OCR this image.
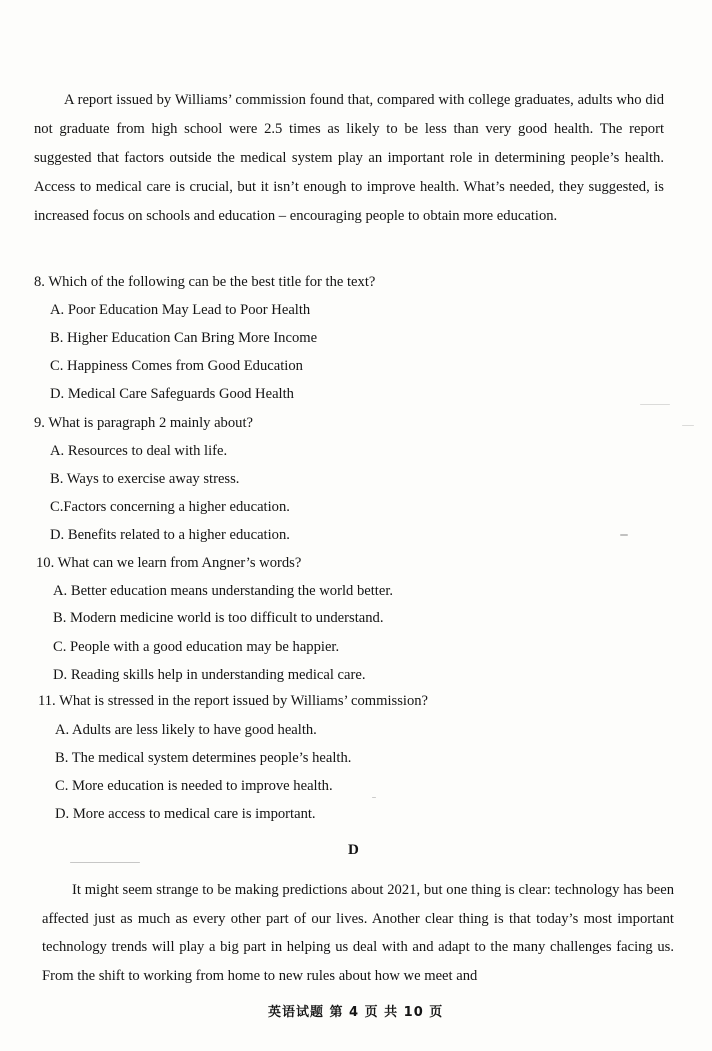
A report issued by Williams’ commission found that, compared with college graduates, adults who did not graduate from high school were 2.5 times as likely to be less than very good health. The report suggested that factors outside the medical system play an important role in determining people’s health. Access to medical care is crucial, but it isn’t enough to improve health. What’s needed, they suggested, is increased focus on schools and education – encouraging people to obtain more education.

8. Which of the following can be the best title for the text?
A. Poor Education May Lead to Poor Health
B. Higher Education Can Bring More Income
C. Happiness Comes from Good Education
D. Medical Care Safeguards Good Health
9. What is paragraph 2 mainly about?
A. Resources to deal with life.
B. Ways to exercise away stress.
C.Factors concerning a higher education.
D. Benefits related to a higher education.
10. What can we learn from Angner’s words?
A. Better education means understanding the world better.
B. Modern medicine world is too difficult to understand.
C. People with a good education may be happier.
D. Reading skills help in understanding medical care.
11. What is stressed in the report issued by Williams’ commission?
A. Adults are less likely to have good health.
B. The medical system determines people’s health.
C. More education is needed to improve health.
D. More access to medical care is important.
D

It might seem strange to be making predictions about 2021, but one thing is clear: technology has been affected just as much as every other part of our lives. Another clear thing is that today’s most important technology trends will play a big part in helping us deal with and adapt to the many challenges facing us. From the shift to working from home to new rules about how we meet and

英语试题 第 4 页 共 10 页
